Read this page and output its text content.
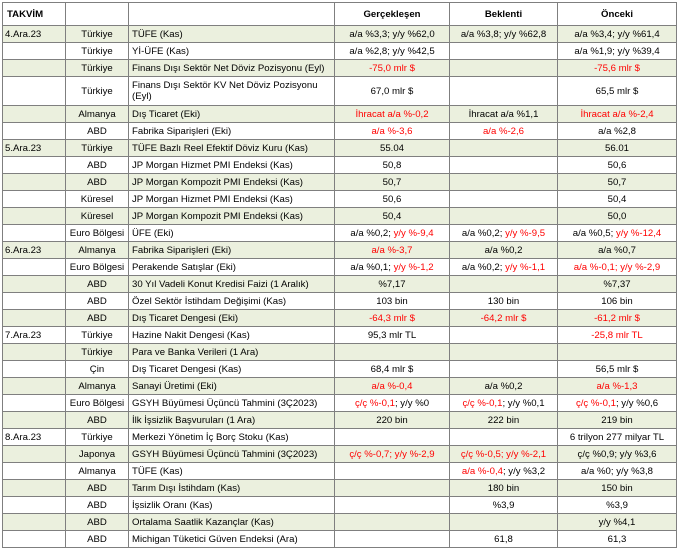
TAKVİM			Gerçekleşen	Beklenti	Önceki
4.Ara.23	Türkiye	TÜFE (Kas)	a/a %3,3; y/y %62,0	a/a %3,8; y/y %62,8	a/a %3,4; y/y %61,4
	Türkiye	Yİ-ÜFE (Kas)	a/a %2,8; y/y %42,5		a/a %1,9; y/y %39,4
	Türkiye	Finans Dışı Sektör Net Döviz Pozisyonu (Eyl)	-75,0 mlr $		-75,6 mlr $
	Türkiye	Finans Dışı Sektör KV Net Döviz Pozisyonu (Eyl)	67,0 mlr $		65,5 mlr $
	Almanya	Dış Ticaret (Eki)	İhracat a/a %-0,2	İhracat a/a %1,1	İhracat a/a %-2,4
	ABD	Fabrika Siparişleri (Eki)	a/a %-3,6	a/a %-2,6	a/a %2,8
5.Ara.23	Türkiye	TÜFE Bazlı Reel Efektif Döviz Kuru (Kas)	55.04		56.01
	ABD	JP Morgan Hizmet PMI Endeksi (Kas)	50,8		50,6
	ABD	JP Morgan Kompozit PMI Endeksi (Kas)	50,7		50,7
	Küresel	JP Morgan Hizmet PMI Endeksi (Kas)	50,6		50,4
	Küresel	JP Morgan Kompozit PMI Endeksi (Kas)	50,4		50,0
	Euro Bölgesi	ÜFE (Eki)	a/a %0,2; y/y %-9,4	a/a %0,2; y/y %-9,5	a/a %0,5; y/y %-12,4
6.Ara.23	Almanya	Fabrika Siparişleri (Eki)	a/a %-3,7	a/a %0,2	a/a %0,7
	Euro Bölgesi	Perakende Satışlar (Eki)	a/a %0,1; y/y %-1,2	a/a %0,2; y/y %-1,1	a/a %-0,1; y/y %-2,9
	ABD	30 Yıl Vadeli Konut Kredisi Faizi (1 Aralık)	%7,17		%7,37
	ABD	Özel Sektör İstihdam Değişimi (Kas)	103 bin	130 bin	106 bin
	ABD	Dış Ticaret Dengesi (Eki)	-64,3 mlr $	-64,2 mlr $	-61,2 mlr $
7.Ara.23	Türkiye	Hazine Nakit Dengesi (Kas)	95,3 mlr TL		-25,8 mlr TL
	Türkiye	Para ve Banka Verileri (1 Ara)			
	Çin	Dış Ticaret Dengesi (Kas)	68,4 mlr $		56,5 mlr $
	Almanya	Sanayi Üretimi (Eki)	a/a %-0,4	a/a %0,2	a/a %-1,3
	Euro Bölgesi	GSYH Büyümesi Üçüncü Tahmini (3Ç2023)	ç/ç %-0,1; y/y %0	ç/ç %-0,1; y/y %0,1	ç/ç %-0,1; y/y %0,6
	ABD	İlk İşsizlik Başvuruları (1 Ara)	220 bin	222 bin	219 bin
8.Ara.23	Türkiye	Merkezi Yönetim İç Borç Stoku (Kas)			6 trilyon 277 milyar TL
	Japonya	GSYH Büyümesi Üçüncü Tahmini (3Ç2023)	ç/ç %-0,7; y/y %-2,9	ç/ç %-0,5; y/y %-2,1	ç/ç %0,9; y/y %3,6
	Almanya	TÜFE (Kas)		a/a %-0,4; y/y %3,2	a/a %0; y/y %3,8
	ABD	Tarım Dışı İstihdam (Kas)		180 bin	150 bin
	ABD	İşsizlik Oranı (Kas)		%3,9	%3,9
	ABD	Ortalama Saatlik Kazançlar (Kas)			y/y %4,1
	ABD	Michigan Tüketici Güven Endeksi (Ara)		61,8	61,3
